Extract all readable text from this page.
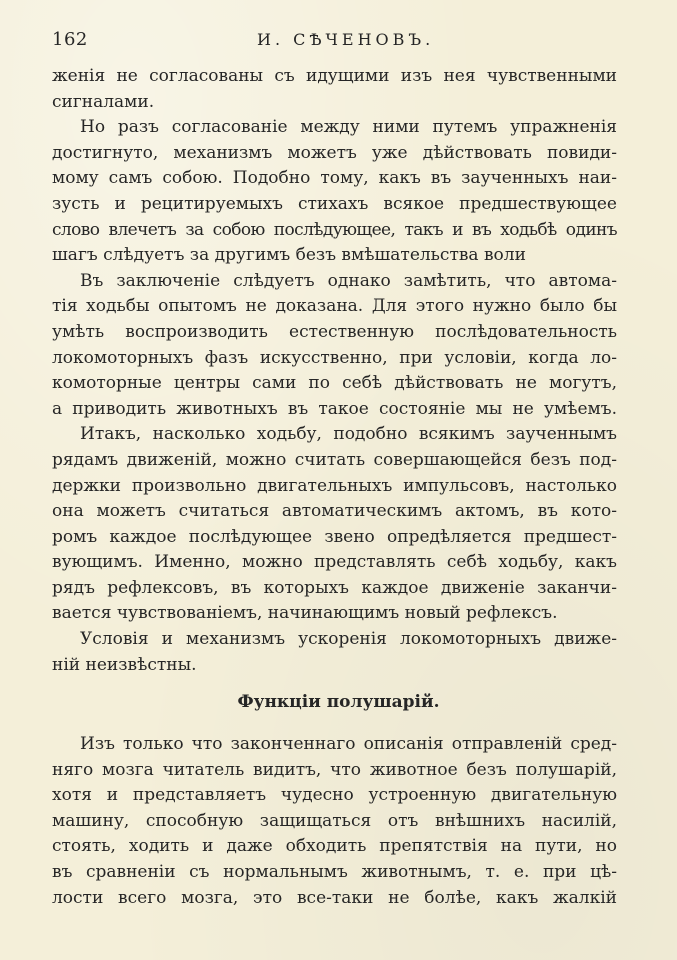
162	И. СѢЧЕНОВЪ.
женія не согласованы съ идущими изъ нея чувственными
сигналами.
Но разъ согласованіе между ними путемъ упражненія
достигнуто, механизмъ можетъ уже дѣйствовать повиди-
мому самъ собою. Подобно тому, какъ въ заученныхъ наи-
зусть и рецитируемыхъ стихахъ всякое предшествующее
слово влечетъ за собою послѣдующее, такъ и въ ходьбѣ одинъ
шагъ слѣдуетъ за другимъ безъ вмѣшательства воли
Въ заключеніе слѣдуетъ однако замѣтить, что автома-
тія ходьбы опытомъ не доказана. Для этого нужно было бы
умѣть воспроизводить естественную послѣдовательность
локомоторныхъ фазъ искусственно, при условіи, когда ло-
комоторные центры сами по себѣ дѣйствовать не могутъ,
а приводить животныхъ въ такое состояніе мы не умѣемъ.
Итакъ, насколько ходьбу, подобно всякимъ заученнымъ
рядамъ движеній, можно считать совершающейся безъ под-
держки произвольно двигательныхъ импульсовъ, настолько
она можетъ считаться автоматическимъ актомъ, въ кото-
ромъ каждое послѣдующее звено опредѣляется предшест-
вующимъ. Именно, можно представлять себѣ ходьбу, какъ
рядъ рефлексовъ, въ которыхъ каждое движеніе заканчи-
вается чувствованіемъ, начинающимъ новый рефлексъ.
Условія и механизмъ ускоренія локомоторныхъ движе-
ній неизвѣстны.
Функціи полушарій.
Изъ только что законченнаго описанія отправленій сред-
няго мозга читатель видитъ, что животное безъ полушарій,
хотя и представляетъ чудесно устроенную двигательную
машину, способную защищаться отъ внѣшнихъ насилій,
стоять, ходить и даже обходить препятствія на пути, но
въ сравненіи съ нормальнымъ животнымъ, т. е. при цѣ-
лости всего мозга, это все-таки не болѣе, какъ жалкій
